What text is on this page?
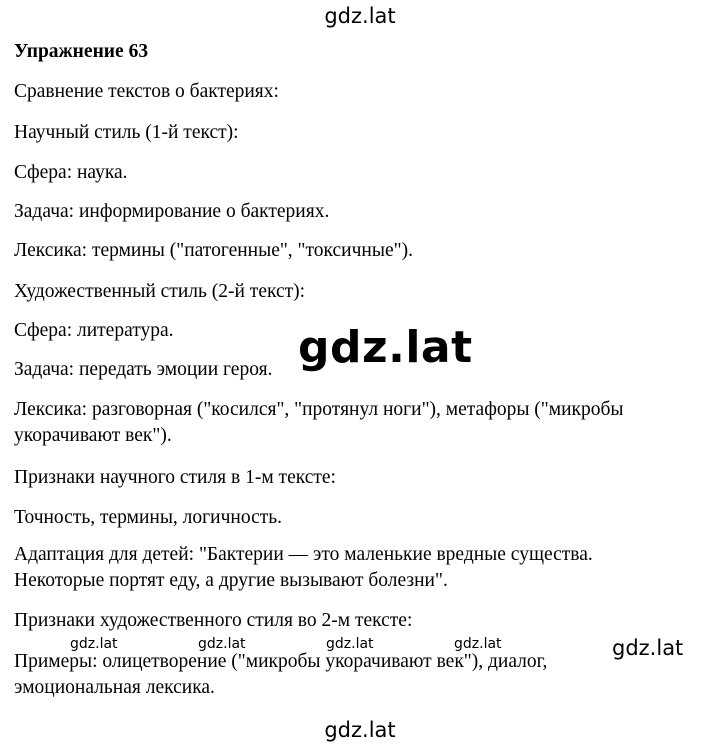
Упражнение 63
Сравнение текстов о бактериях:
Научный стиль (1-й текст):
Сфера: наука.
Задача: информирование о бактериях.
Лексика: термины ("патогенные", "токсичные").
Художественный стиль (2-й текст):
Сфера: литература.
Задача: передать эмоции героя.
Лексика: разговорная ("косился", "протянул ноги"), метафоры ("микробы
укорачивают век").
Признаки научного стиля в 1-м тексте:
Точность, термины, логичность.
Адаптация для детей: "Бактерии — это маленькие вредные существа.
Некоторые портят еду, а другие вызывают болезни".
Признаки художественного стиля во 2-м тексте:
Примеры: олицетворение ("микробы укорачивают век"), диалог,
эмоциональная лексика.
gdz.lat
gdz.lat
gdz.lat	gdz.lat	gdz.lat	gdz.lat	gdz.lat
gdz.lat
